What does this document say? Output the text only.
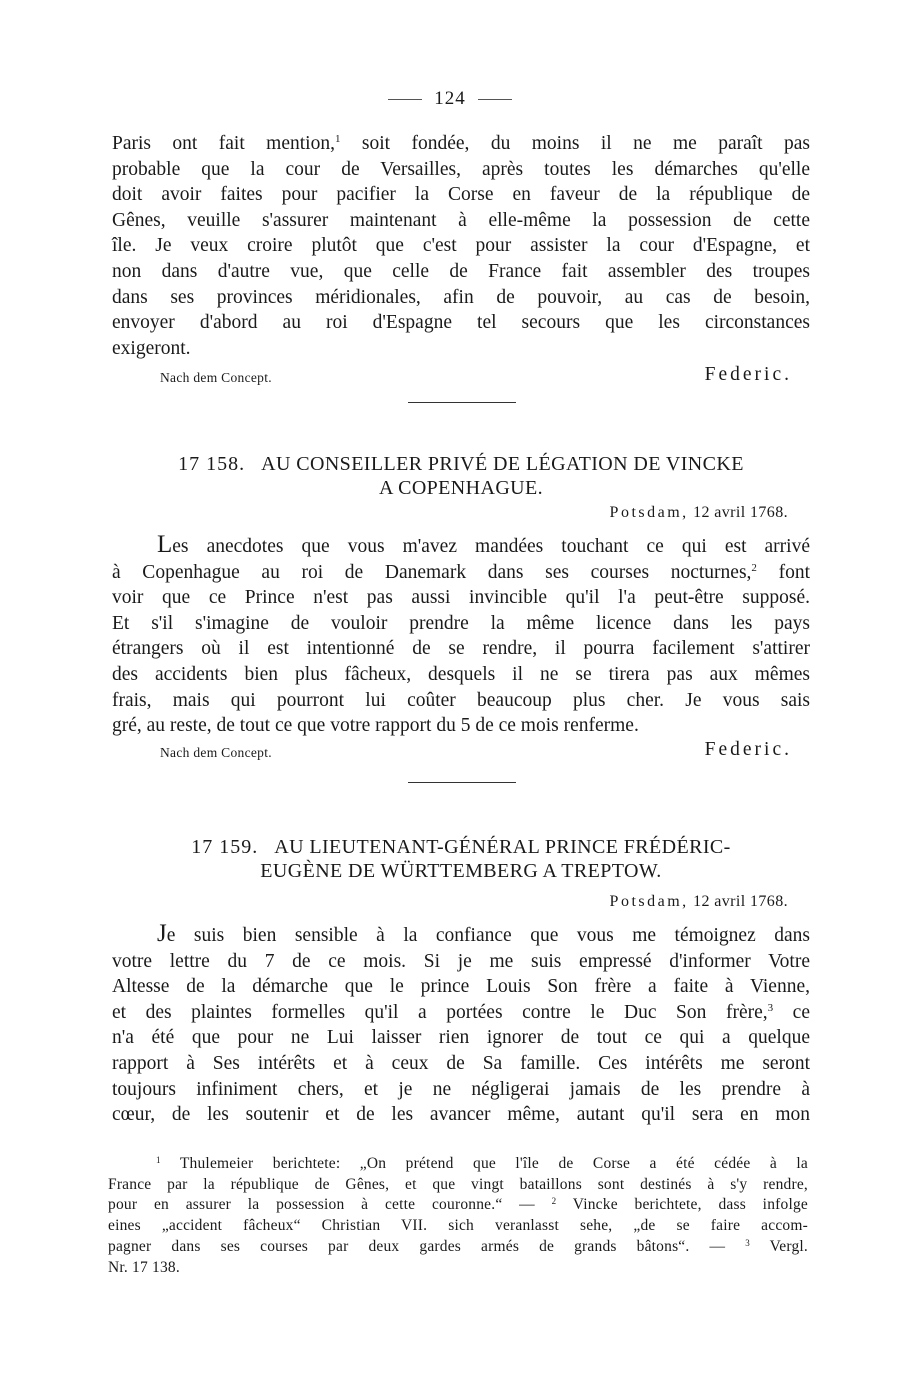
124

Paris ont fait mention,$^1$ soit fondée, du moins il ne me paraît pas

probable que la cour de Versailles, après toutes les démarches qu'elle

doit avoir faites pour pacifier la Corse en faveur de la république de

Gênes, veuille s'assurer maintenant à elle-même la possession de cette

île. Je veux croire plutôt que c'est pour assister la cour d'Espagne, et

non dans d'autre vue, que celle de France fait assembler des troupes

dans ses provinces méridionales, afin de pouvoir, au cas de besoin,

envoyer d'abord au roi d'Espagne tel secours que les circonstances

exigeront.

Nach dem Concept.	Federic.
17 158. AU CONSEILLER PRIVÉ DE LÉGATION DE VINCKE
A COPENHAGUE.
Potsdam, 12 avril 1768.

Les anecdotes que vous m'avez mandées touchant ce qui est arrivé

à Copenhague au roi de Danemark dans ses courses nocturnes,$^2$ font

voir que ce Prince n'est pas aussi invincible qu'il l'a peut-être supposé.

Et s'il s'imagine de vouloir prendre la même licence dans les pays

étrangers où il est intentionné de se rendre, il pourra facilement s'attirer

des accidents bien plus fâcheux, desquels il ne se tirera pas aux mêmes

frais, mais qui pourront lui coûter beaucoup plus cher. Je vous sais

gré, au reste, de tout ce que votre rapport du 5 de ce mois renferme.

Nach dem Concept.	Federic.
17 159. AU LIEUTENANT-GÉNÉRAL PRINCE FRÉDÉRIC-
EUGÈNE DE WÜRTTEMBERG A TREPTOW.
Potsdam, 12 avril 1768.

Je suis bien sensible à la confiance que vous me témoignez dans

votre lettre du 7 de ce mois. Si je me suis empressé d'informer Votre

Altesse de la démarche que le prince Louis Son frère a faite à Vienne,

et des plaintes formelles qu'il a portées contre le Duc Son frère,$^3$ ce

n'a été que pour ne Lui laisser rien ignorer de tout ce qui a quelque

rapport à Ses intérêts et à ceux de Sa famille. Ces intérêts me seront

toujours infiniment chers, et je ne négligerai jamais de les prendre à

cœur, de les soutenir et de les avancer même, autant qu'il sera en mon

$^1$ Thulemeier berichtete: „On prétend que l'île de Corse a été cédée à la

France par la république de Gênes, et que vingt bataillons sont destinés à s'y rendre,

pour en assurer la possession à cette couronne.“ — $^2$ Vincke berichtete, dass infolge

eines „accident fâcheux“ Christian VII. sich veranlasst sehe, „de se faire accom-

pagner dans ses courses par deux gardes armés de grands bâtons“. — $^3$ Vergl.

Nr. 17 138.
